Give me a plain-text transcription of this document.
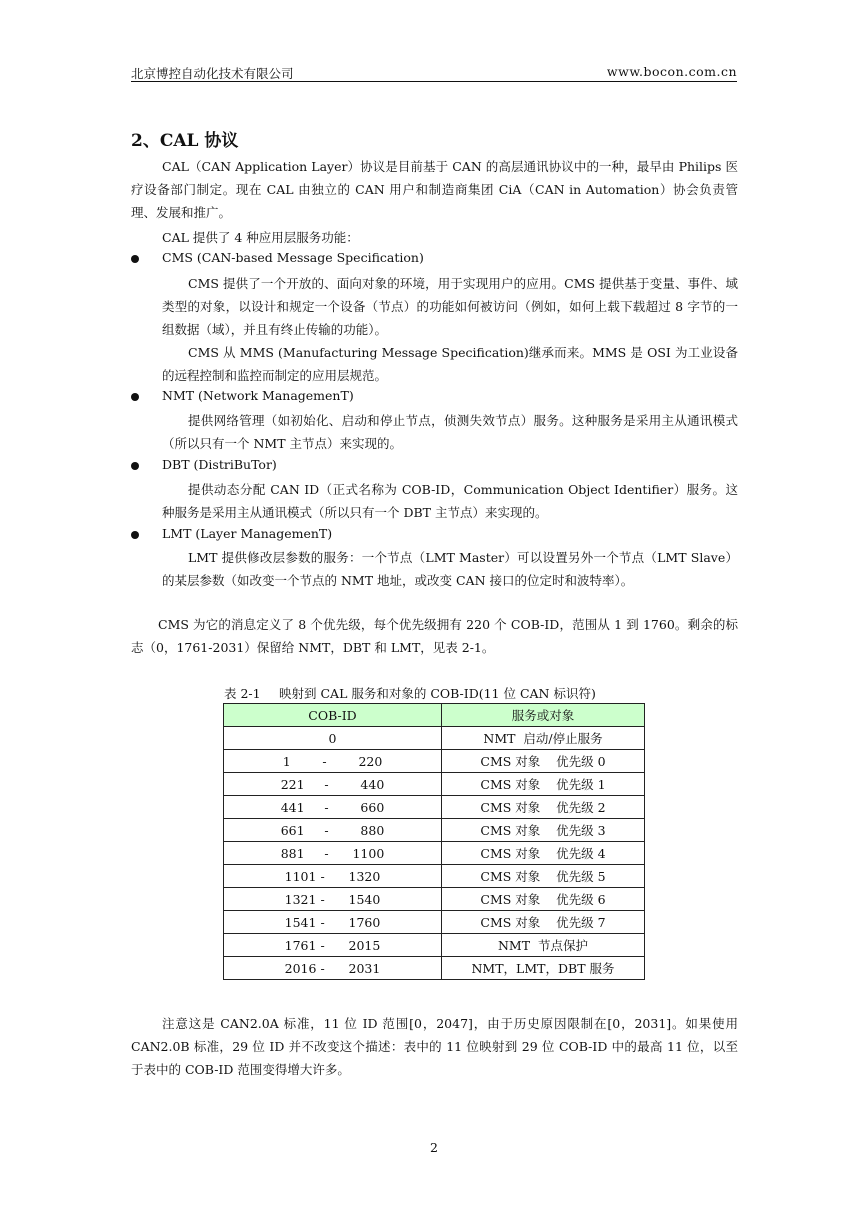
北京博控自动化技术有限公司	www.bocon.com.cn
2、CAL 协议
CAL（CAN Application Layer）协议是目前基于 CAN 的高层通讯协议中的一种，最早由 Philips 医疗设备部门制定。现在 CAL 由独立的 CAN 用户和制造商集团 CiA（CAN in Automation）协会负责管理、发展和推广。
CAL 提供了 4 种应用层服务功能：
CMS (CAN-based Message Specification)
CMS 提供了一个开放的、面向对象的环境，用于实现用户的应用。CMS 提供基于变量、事件、域类型的对象，以设计和规定一个设备（节点）的功能如何被访问（例如，如何上载下载超过 8 字节的一组数据（域），并且有终止传输的功能）。
CMS 从 MMS (Manufacturing Message Specification)继承而来。MMS 是 OSI 为工业设备的远程控制和监控而制定的应用层规范。
NMT (Network ManagemenT)
提供网络管理（如初始化、启动和停止节点，侦测失效节点）服务。这种服务是采用主从通讯模式（所以只有一个 NMT 主节点）来实现的。
DBT (DistriBuTor)
提供动态分配 CAN ID（正式名称为 COB-ID，Communication Object Identifier）服务。这种服务是采用主从通讯模式（所以只有一个 DBT 主节点）来实现的。
LMT (Layer ManagemenT)
LMT 提供修改层参数的服务：一个节点（LMT Master）可以设置另外一个节点（LMT Slave）的某层参数（如改变一个节点的 NMT 地址，或改变 CAN 接口的位定时和波特率）。
CMS 为它的消息定义了 8 个优先级，每个优先级拥有 220 个 COB-ID，范围从 1 到 1760。剩余的标志（0，1761-2031）保留给 NMT，DBT 和 LMT，见表 2-1。
表 2-1 映射到 CAL 服务和对象的 COB-ID(11 位 CAN 标识符)
COB-ID	服务或对象
0	NMT  启动/停止服务
1        -        220	CMS 对象    优先级 0
221     -        440	CMS 对象    优先级 1
441     -        660	CMS 对象    优先级 2
661     -        880	CMS 对象    优先级 3
881     -      1100	CMS 对象    优先级 4
1101 -      1320	CMS 对象    优先级 5
1321 -      1540	CMS 对象    优先级 6
1541 -      1760	CMS 对象    优先级 7
1761 -      2015	NMT  节点保护
2016 -      2031	NMT，LMT，DBT 服务
注意这是 CAN2.0A 标准，11 位 ID 范围[0，2047]，由于历史原因限制在[0，2031]。如果使用 CAN2.0B 标准，29 位 ID 并不改变这个描述：表中的 11 位映射到 29 位 COB-ID 中的最高 11 位，以至于表中的 COB-ID 范围变得增大许多。
2
